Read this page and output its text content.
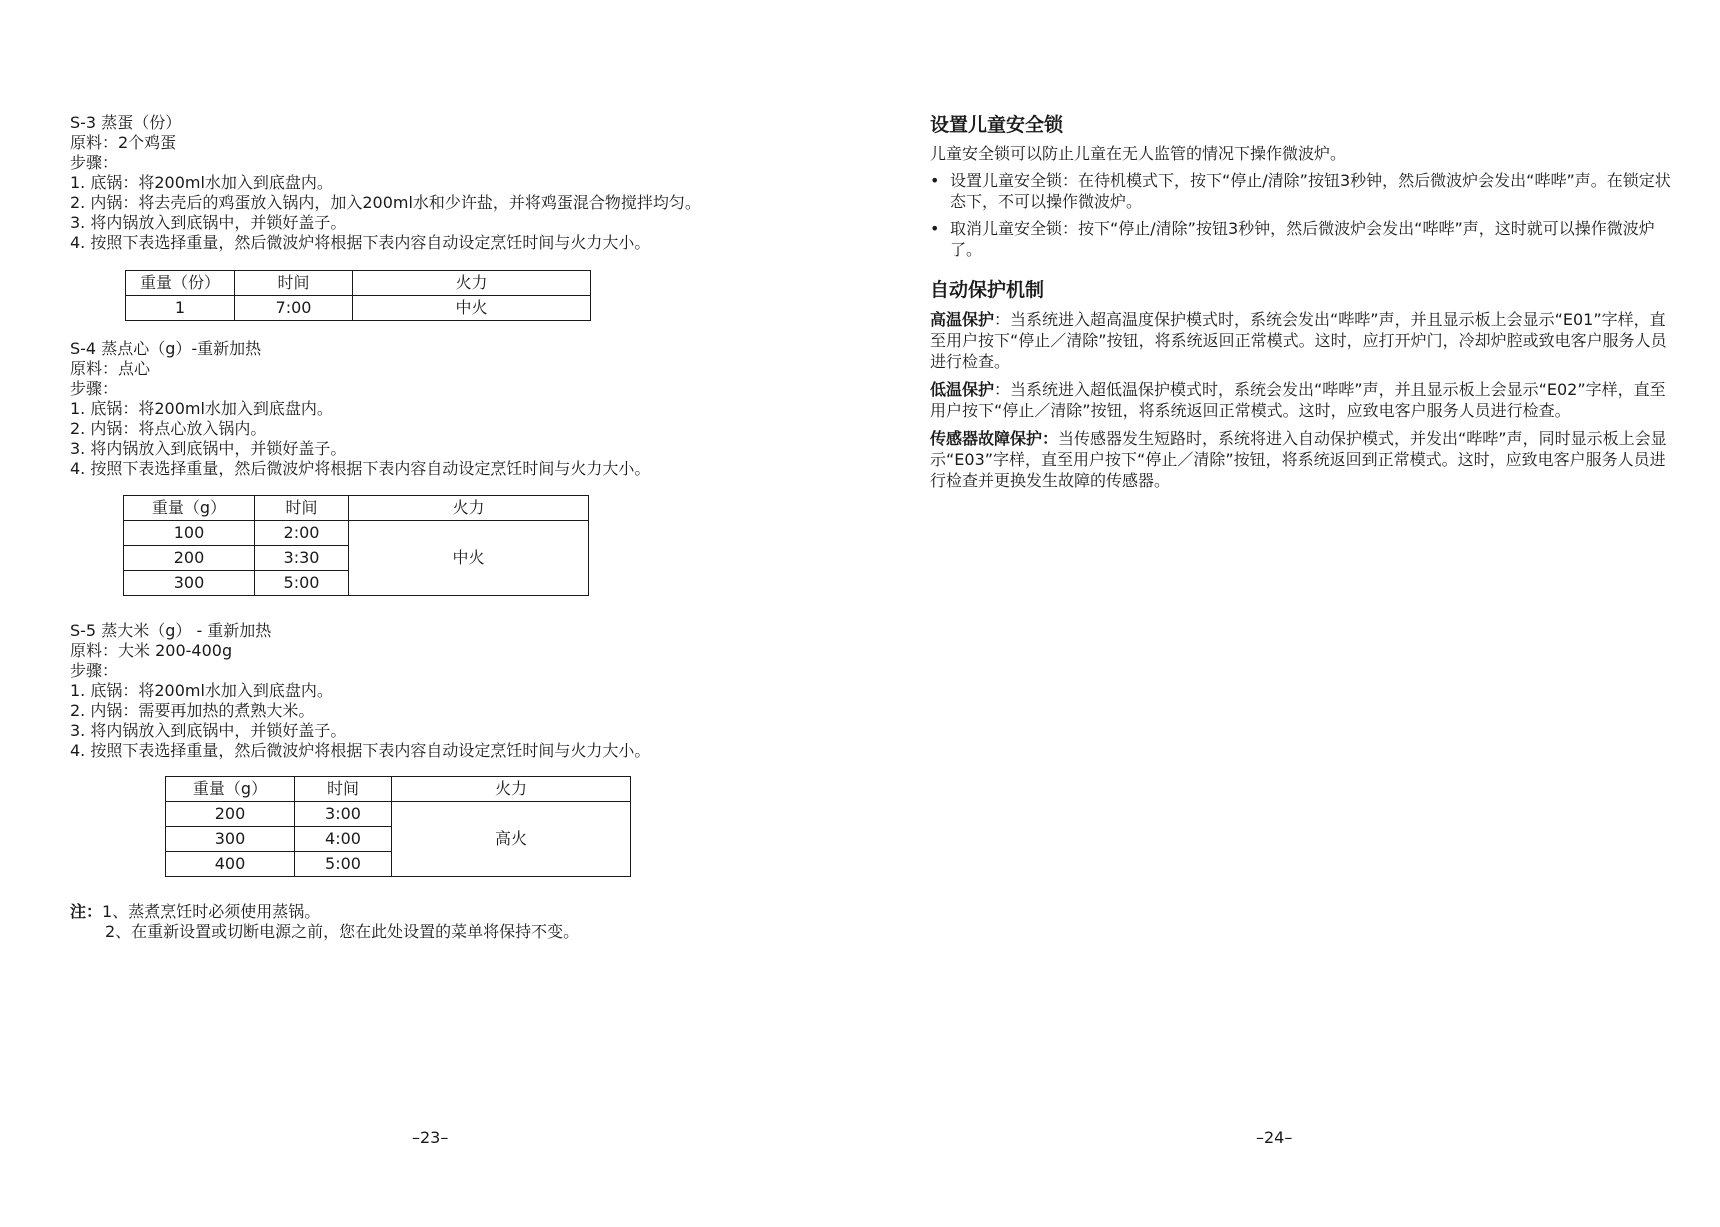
S-3 蒸蛋（份）

原料：2个鸡蛋

步骤：

1. 底锅：将200ml水加入到底盘内。

2. 内锅：将去壳后的鸡蛋放入锅内，加入200ml水和少许盐，并将鸡蛋混合物搅拌均匀。

3. 将内锅放入到底锅中，并锁好盖子。

4. 按照下表选择重量，然后微波炉将根据下表内容自动设定烹饪时间与火力大小。

重量（份）	时间	火力
1	7:00	中火

S-4 蒸点心（g）-重新加热

原料：点心

步骤：

1. 底锅：将200ml水加入到底盘内。

2. 内锅：将点心放入锅内。

3. 将内锅放入到底锅中，并锁好盖子。

4. 按照下表选择重量，然后微波炉将根据下表内容自动设定烹饪时间与火力大小。

重量（g）	时间	火力
100	2:00	中火
200	3:30	
300	5:00	

S-5 蒸大米（g） - 重新加热

原料：大米 200-400g

步骤：

1. 底锅：将200ml水加入到底盘内。

2. 内锅：需要再加热的煮熟大米。

3. 将内锅放入到底锅中，并锁好盖子。

4. 按照下表选择重量，然后微波炉将根据下表内容自动设定烹饪时间与火力大小。

重量（g）	时间	火力
200	3:00	高火
300	4:00	
400	5:00	

注：1、蒸煮烹饪时必须使用蒸锅。

2、在重新设置或切断电源之前，您在此处设置的菜单将保持不变。

–23–
设置儿童安全锁

儿童安全锁可以防止儿童在无人监管的情况下操作微波炉。

• 设置儿童安全锁：在待机模式下，按下“停止/清除”按钮3秒钟，然后微波炉会发出“哔哔”声。在锁定状态下，不可以操作微波炉。
• 取消儿童安全锁：按下“停止/清除”按钮3秒钟，然后微波炉会发出“哔哔”声，这时就可以操作微波炉了。
自动保护机制

高温保护：当系统进入超高温度保护模式时，系统会发出“哔哔”声，并且显示板上会显示“E01”字样，直至用户按下“停止／清除”按钮，将系统返回正常模式。这时，应打开炉门，冷却炉腔或致电客户服务人员进行检查。

低温保护：当系统进入超低温保护模式时，系统会发出“哔哔”声，并且显示板上会显示“E02”字样，直至用户按下“停止／清除”按钮，将系统返回正常模式。这时，应致电客户服务人员进行检查。

传感器故障保护：当传感器发生短路时，系统将进入自动保护模式，并发出“哔哔”声，同时显示板上会显示“E03”字样，直至用户按下“停止／清除”按钮，将系统返回到正常模式。这时，应致电客户服务人员进行检查并更换发生故障的传感器。

–24–
